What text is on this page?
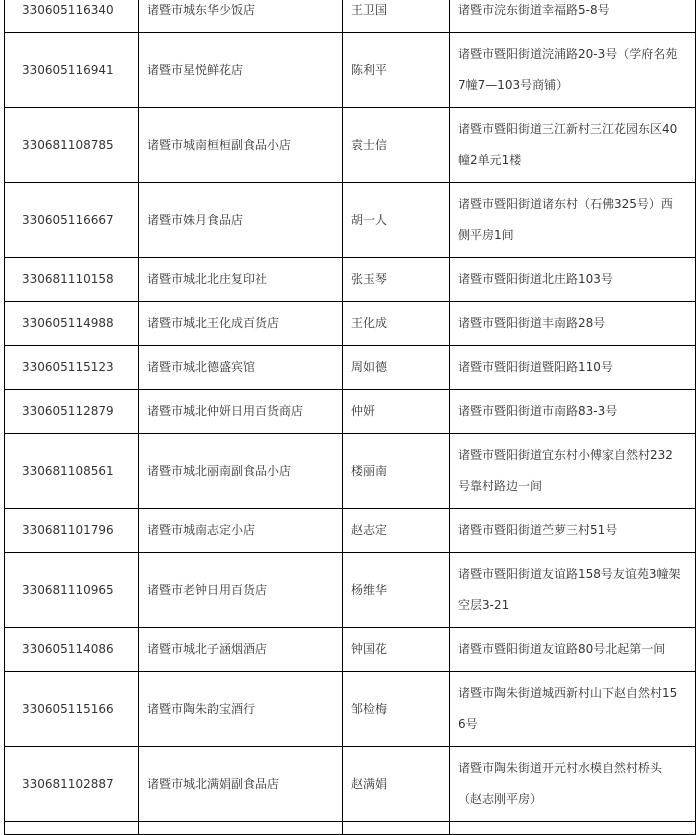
330605116340	诸暨市城东华少饭店	王卫国	诸暨市浣东街道幸福路5-8号
330605116941	诸暨市星悦鲜花店	陈利平	诸暨市暨阳街道浣浦路20-3号（学府名苑7幢7—103号商铺）
330681108785	诸暨市城南桓桓副食品小店	袁士信	诸暨市暨阳街道三江新村三江花园东区40幢2单元1楼
330605116667	诸暨市姝月食品店	胡一人	诸暨市暨阳街道诸东村（石佛325号）西侧平房1间
330681110158	诸暨市城北北庄复印社	张玉琴	诸暨市暨阳街道北庄路103号
330605114988	诸暨市城北王化成百货店	王化成	诸暨市暨阳街道丰南路28号
330605115123	诸暨市城北德盛宾馆	周如德	诸暨市暨阳街道暨阳路110号
330605112879	诸暨市城北仲妍日用百货商店	仲妍	诸暨市暨阳街道市南路83-3号
330681108561	诸暨市城北丽南副食品小店	楼丽南	诸暨市暨阳街道宜东村小傅家自然村232号靠村路边一间
330681101796	诸暨市城南志定小店	赵志定	诸暨市暨阳街道苎萝三村51号
330681110965	诸暨市老钟日用百货店	杨维华	诸暨市暨阳街道友谊路158号友谊苑3幢架空层3-21
330605114086	诸暨市城北子涵烟酒店	钟国花	诸暨市暨阳街道友谊路80号北起第一间
330605115166	诸暨市陶朱韵宝酒行	邹检梅	诸暨市陶朱街道城西新村山下赵自然村156号
330681102887	诸暨市城北满娟副食品店	赵满娟	诸暨市陶朱街道开元村水模自然村桥头（赵志刚平房）
